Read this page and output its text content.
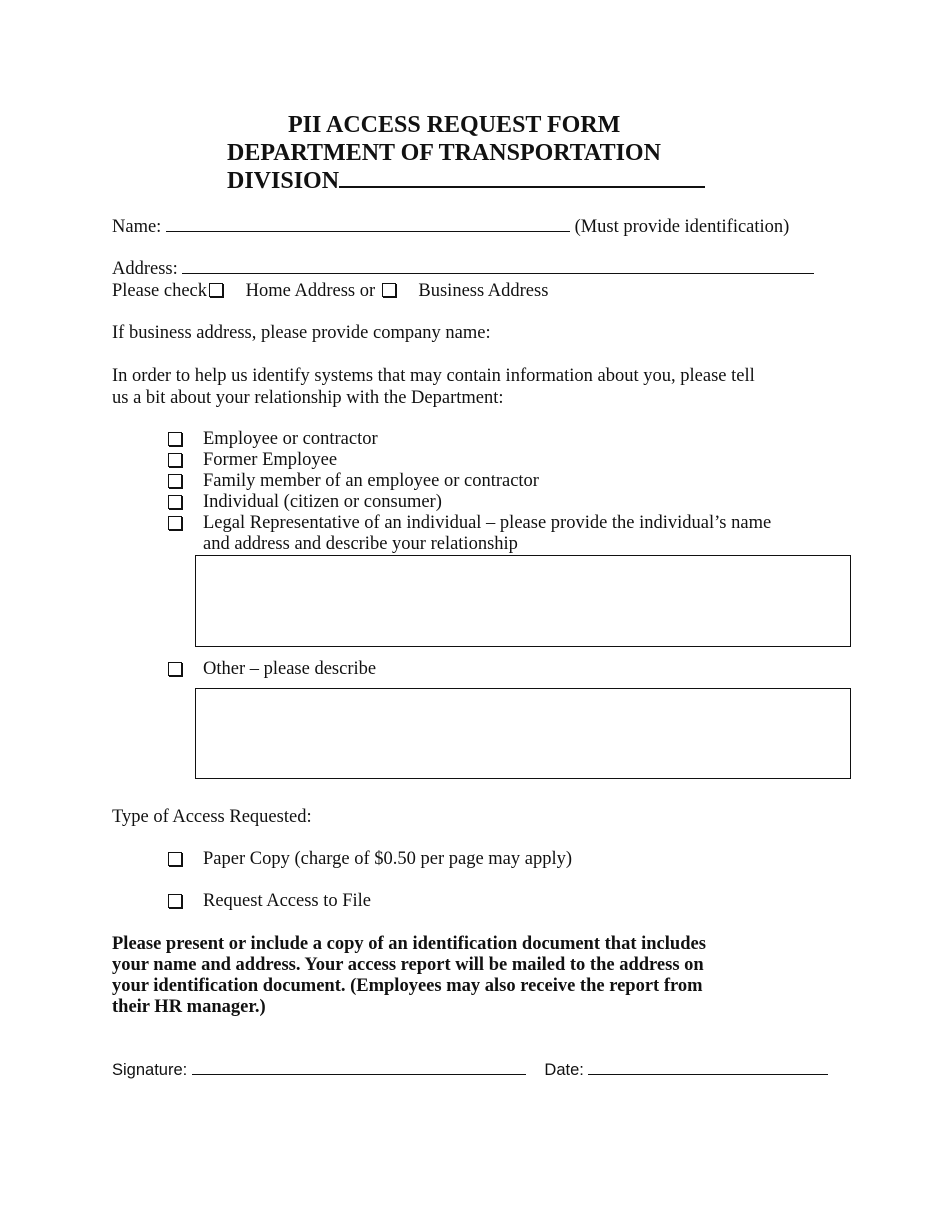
PII ACCESS REQUEST FORM
DEPARTMENT OF TRANSPORTATION
DIVISION
Name:	(Must provide identification)
Address:
Please check Home Address or Business Address
If business address, please provide company name:
In order to help us identify systems that may contain information about you, please tell
us a bit about your relationship with the Department:
Employee or contractor
Former Employee
Family member of an employee or contractor
Individual (citizen or consumer)
Legal Representative of an individual – please provide the individual’s name
and address and describe your relationship
Other – please describe
Type of Access Requested:
Paper Copy (charge of $0.50 per page may apply)
Request Access to File
Please present or include a copy of an identification document that includes
your name and address. Your access report will be mailed to the address on
your identification document. (Employees may also receive the report from
their HR manager.)
Signature:	Date:
